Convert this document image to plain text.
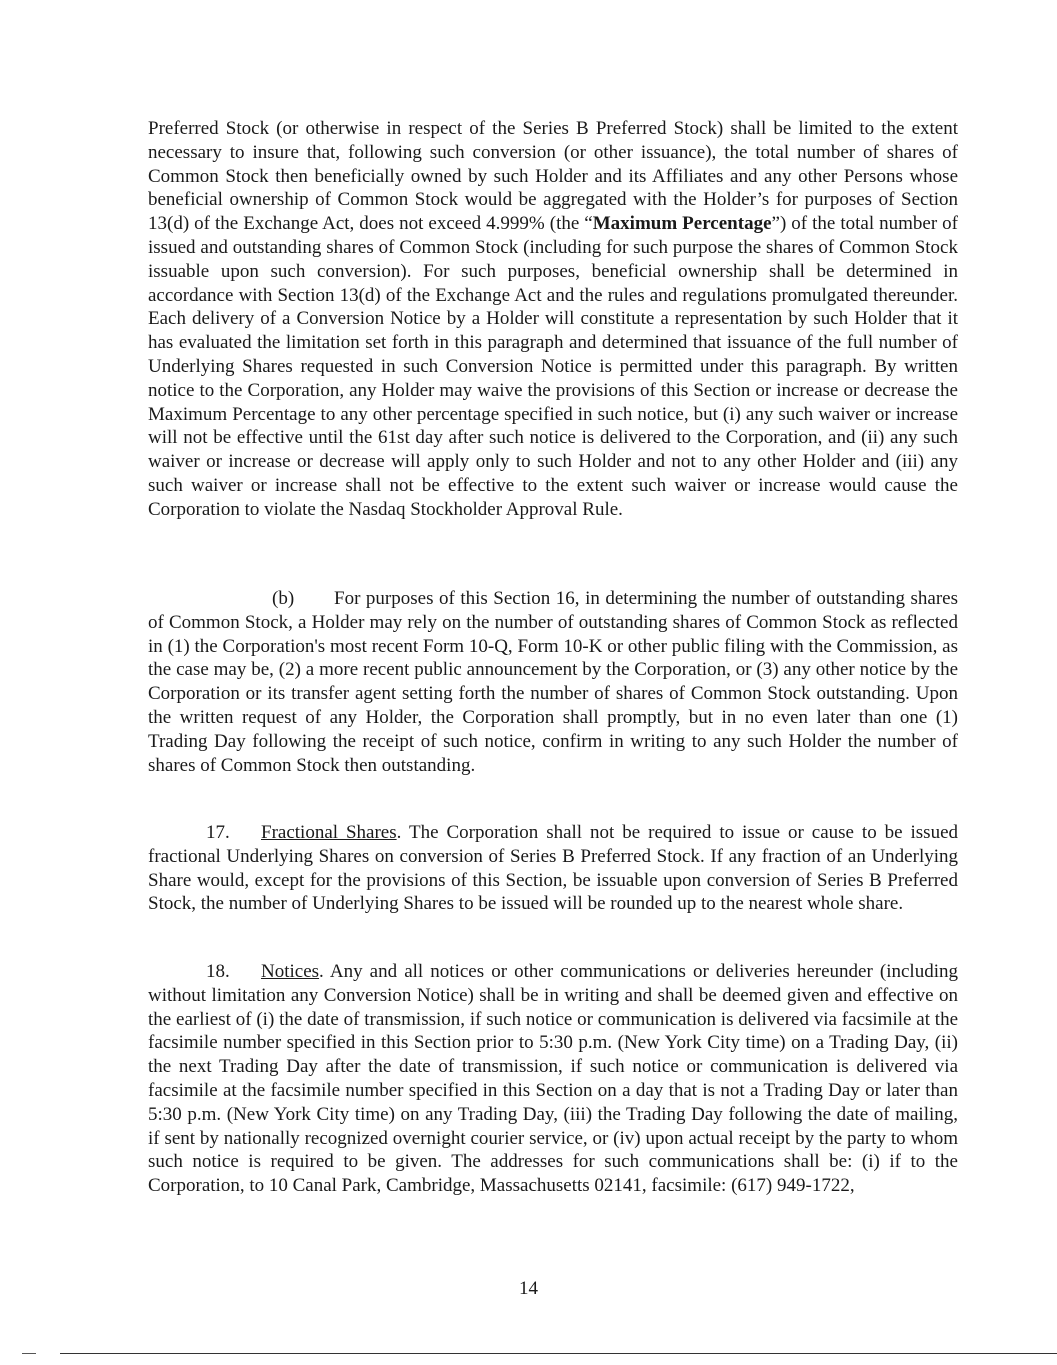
Preferred Stock (or otherwise in respect of the Series B Preferred Stock) shall be limited to the extent necessary to insure that, following such conversion (or other issuance), the total number of shares of Common Stock then beneficially owned by such Holder and its Affiliates and any other Persons whose beneficial ownership of Common Stock would be aggregated with the Holder’s for purposes of Section 13(d) of the Exchange Act, does not exceed 4.999% (the “Maximum Percentage”) of the total number of issued and outstanding shares of Common Stock (including for such purpose the shares of Common Stock issuable upon such conversion). For such purposes, beneficial ownership shall be determined in accordance with Section 13(d) of the Exchange Act and the rules and regulations promulgated thereunder. Each delivery of a Conversion Notice by a Holder will constitute a representation by such Holder that it has evaluated the limitation set forth in this paragraph and determined that issuance of the full number of Underlying Shares requested in such Conversion Notice is permitted under this paragraph. By written notice to the Corporation, any Holder may waive the provisions of this Section or increase or decrease the Maximum Percentage to any other percentage specified in such notice, but (i) any such waiver or increase will not be effective until the 61st day after such notice is delivered to the Corporation, and (ii) any such waiver or increase or decrease will apply only to such Holder and not to any other Holder and (iii) any such waiver or increase shall not be effective to the extent such waiver or increase would cause the Corporation to violate the Nasdaq Stockholder Approval Rule.

(b) For purposes of this Section 16, in determining the number of outstanding shares of Common Stock, a Holder may rely on the number of outstanding shares of Common Stock as reflected in (1) the Corporation's most recent Form 10-Q, Form 10-K or other public filing with the Commission, as the case may be, (2) a more recent public announcement by the Corporation, or (3) any other notice by the Corporation or its transfer agent setting forth the number of shares of Common Stock outstanding. Upon the written request of any Holder, the Corporation shall promptly, but in no even later than one (1) Trading Day following the receipt of such notice, confirm in writing to any such Holder the number of shares of Common Stock then outstanding.

17. Fractional Shares. The Corporation shall not be required to issue or cause to be issued fractional Underlying Shares on conversion of Series B Preferred Stock. If any fraction of an Underlying Share would, except for the provisions of this Section, be issuable upon conversion of Series B Preferred Stock, the number of Underlying Shares to be issued will be rounded up to the nearest whole share.

18. Notices. Any and all notices or other communications or deliveries hereunder (including without limitation any Conversion Notice) shall be in writing and shall be deemed given and effective on the earliest of (i) the date of transmission, if such notice or communication is delivered via facsimile at the facsimile number specified in this Section prior to 5:30 p.m. (New York City time) on a Trading Day, (ii) the next Trading Day after the date of transmission, if such notice or communication is delivered via facsimile at the facsimile number specified in this Section on a day that is not a Trading Day or later than 5:30 p.m. (New York City time) on any Trading Day, (iii) the Trading Day following the date of mailing, if sent by nationally recognized overnight courier service, or (iv) upon actual receipt by the party to whom such notice is required to be given. The addresses for such communications shall be: (i) if to the Corporation, to 10 Canal Park, Cambridge, Massachusetts 02141, facsimile: (617) 949-1722,

14
